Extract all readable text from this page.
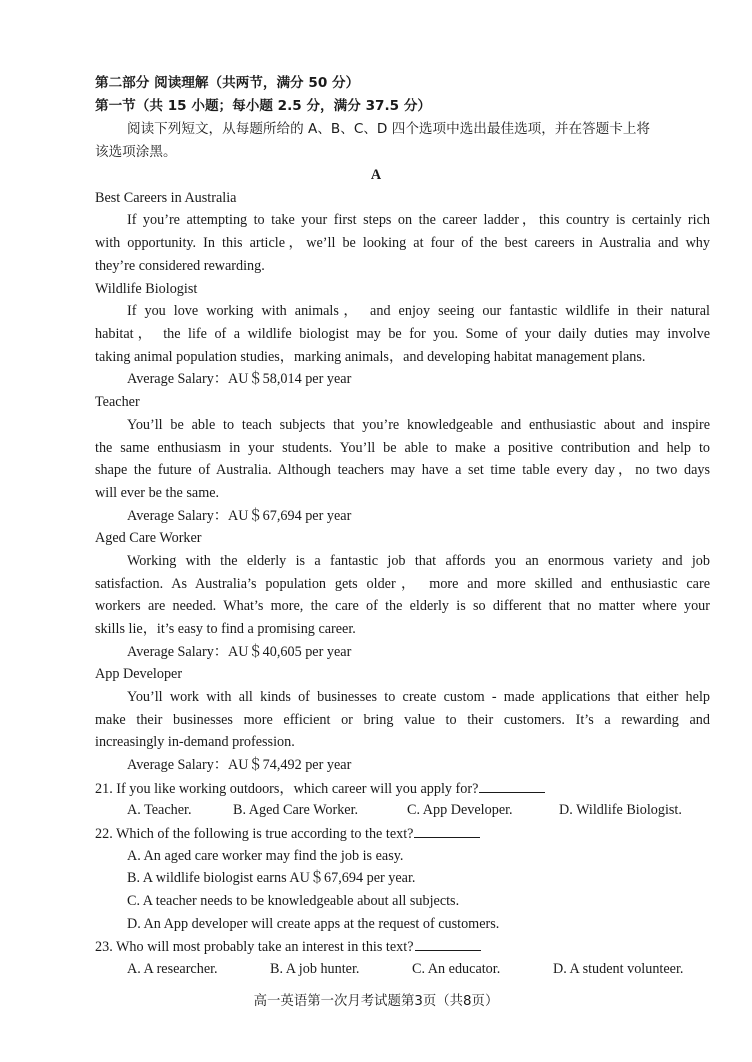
第二部分 阅读理解（共两节，满分 50 分）
第一节（共 15 小题；每小题 2.5 分，满分 37.5 分）
阅读下列短文，从每题所给的 A、B、C、D 四个选项中选出最佳选项，并在答题卡上将
该选项涂黑。
A
Best Careers in Australia
If you’re attempting to take your first steps on the career ladder，this country is certainly rich
with opportunity. In this article，we’ll be looking at four of the best careers in Australia and why
they’re considered rewarding.
Wildlife Biologist
If you love working with animals， and enjoy seeing our fantastic wildlife in their natural
habitat， the life of a wildlife biologist may be for you. Some of your daily duties may involve
taking animal population studies，marking animals，and developing habitat management plans.
Average Salary：AU＄58,014 per year
Teacher
You’ll be able to teach subjects that you’re knowledgeable and enthusiastic about and inspire
the same enthusiasm in your students. You’ll be able to make a positive contribution and help to
shape the future of Australia. Although teachers may have a set time table every day，no two days
will ever be the same.
Average Salary：AU＄67,694 per year
Aged Care Worker
Working with the elderly is a fantastic job that affords you an enormous variety and job
satisfaction. As Australia’s population gets older， more and more skilled and enthusiastic care
workers are needed. What’s more, the care of the elderly is so different that no matter where your
skills lie，it’s easy to find a promising career.
Average Salary：AU＄40,605 per year
App Developer
You’ll work with all kinds of businesses to create custom - made applications that either help
make their businesses more efficient or bring value to their customers. It’s a rewarding and
increasingly in-demand profession.
Average Salary：AU＄74,492 per year
21. If you like working outdoors，which career will you apply for?
A. Teacher.	B. Aged Care Worker.	C. App Developer.	D. Wildlife Biologist.
22. Which of the following is true according to the text?
A. An aged care worker may find the job is easy.
B. A wildlife biologist earns AU＄67,694 per year.
C. A teacher needs to be knowledgeable about all subjects.
D. An App developer will create apps at the request of customers.
23. Who will most probably take an interest in this text?
A. A researcher.	B. A job hunter.	C. An educator.	D. A student volunteer.
高一英语第一次月考试题第3页（共8页）
